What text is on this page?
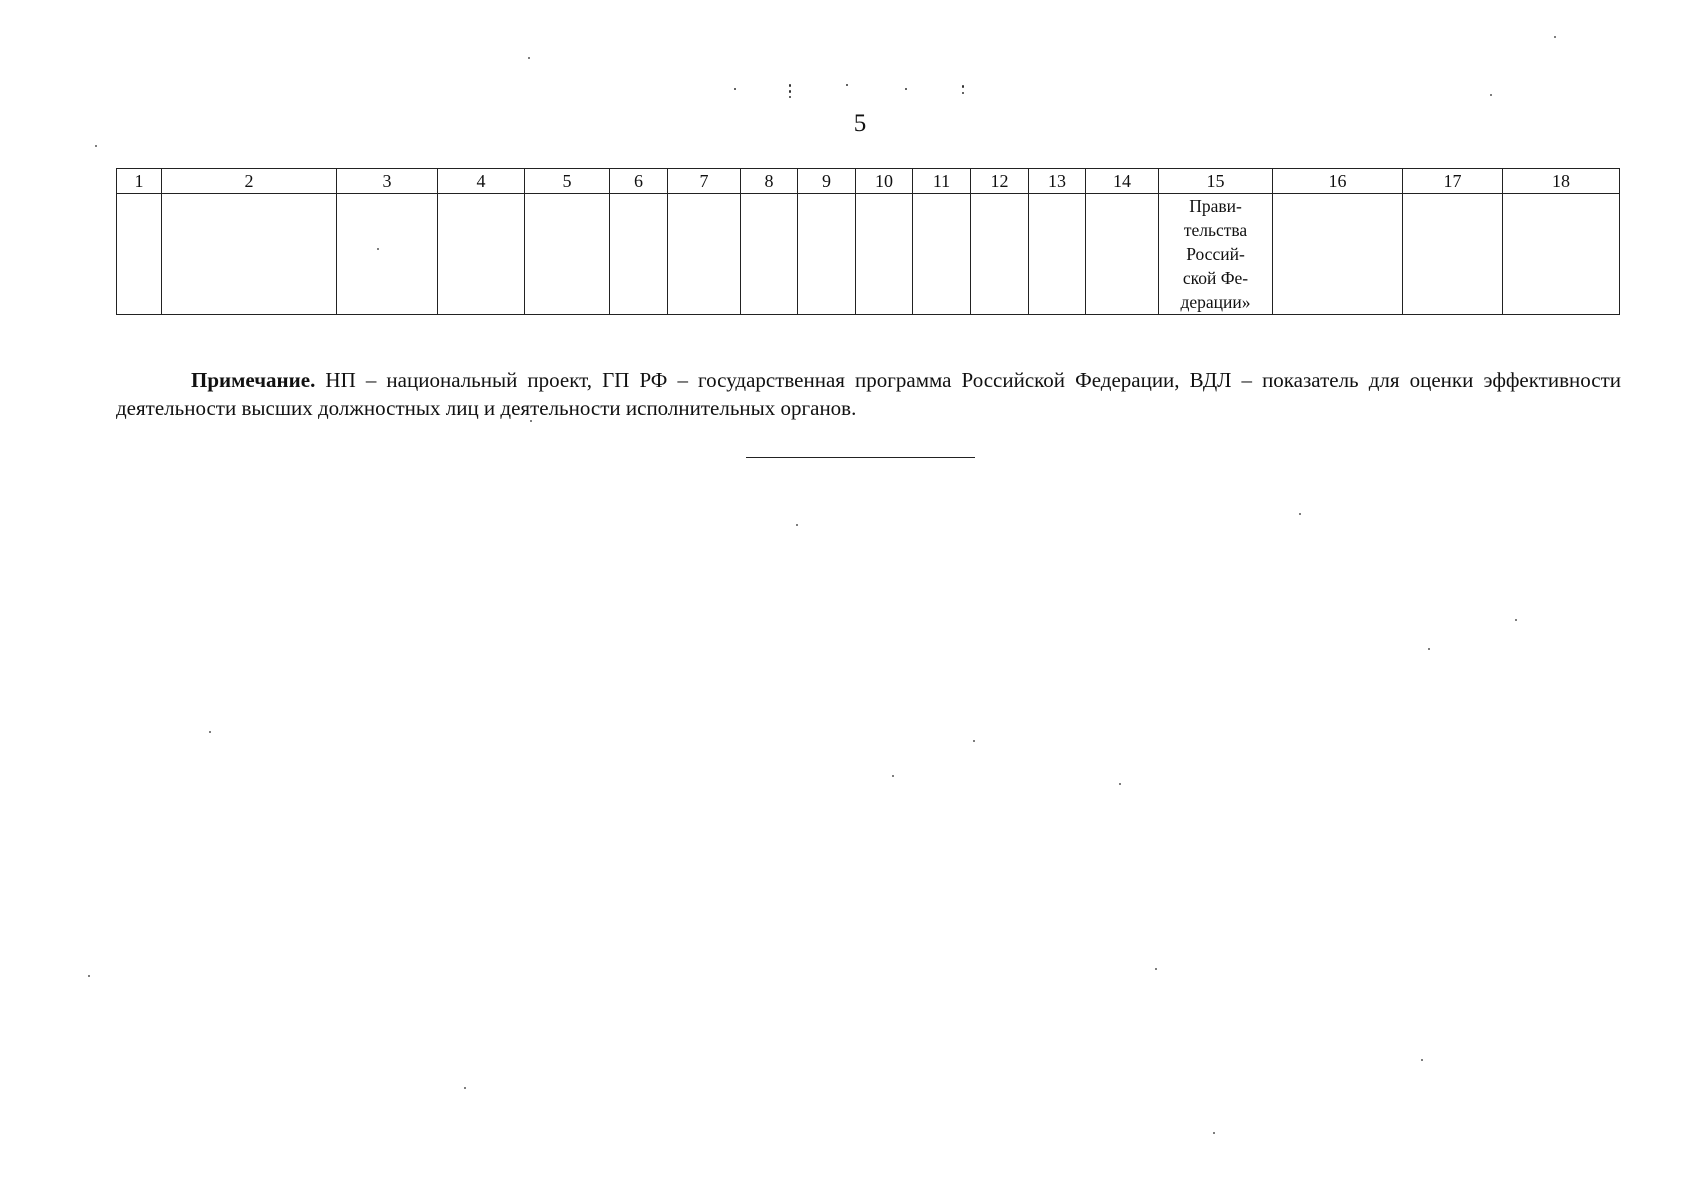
5
1	2	3	4	5	6	7	8	9	10	11	12	13	14	15	16	17	18

														Прави-
тельства
Россий-
ской Фе-
дерации»			

Примечание. НП – национальный проект, ГП РФ – государственная программа Российской Федерации, ВДЛ – показатель для оценки эффективности деятельности высших должностных лиц и деятельности исполнительных органов.
